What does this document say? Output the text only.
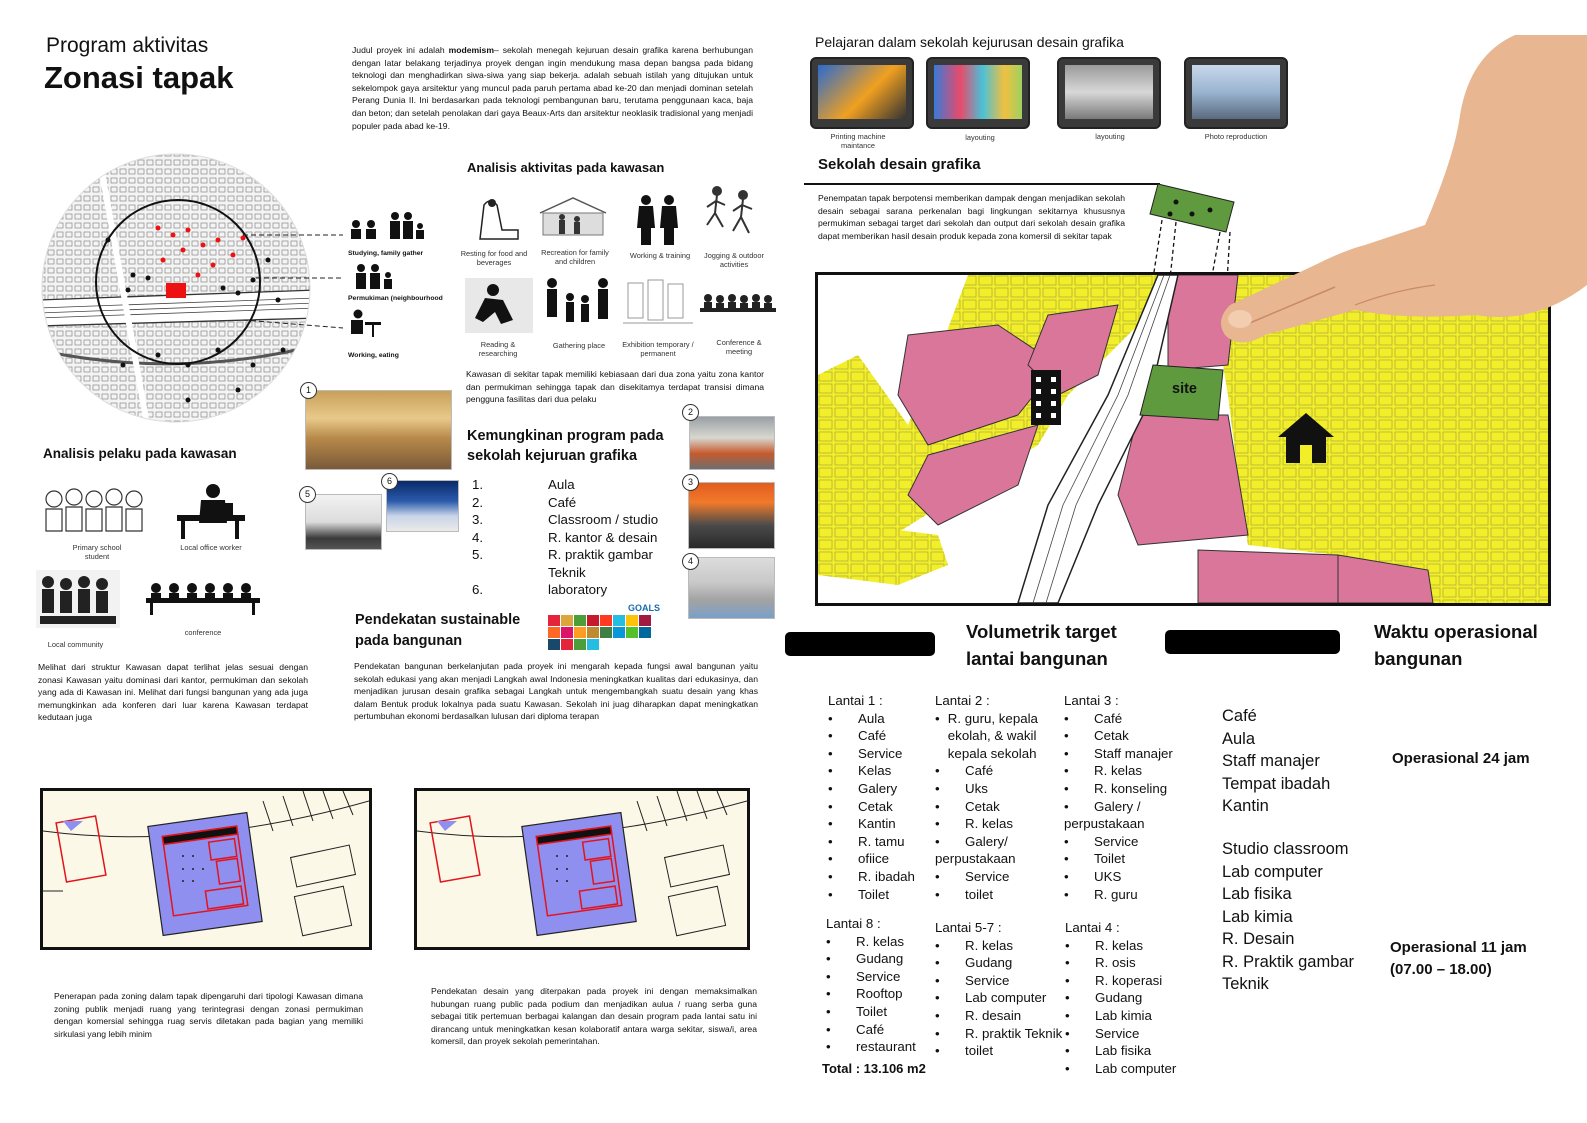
Program aktivitas
Zonasi tapak
Judul proyek ini adalah modemism– sekolah menegah kejuruan desain grafika karena berhubungan dengan latar belakang terjadinya proyek dengan ingin mendukung masa depan bangsa pada bidang teknologi dan menghadirkan siwa-siwa yang siap bekerja. adalah sebuah istilah yang ditujukan untuk sekelompok gaya arsitektur yang muncul pada paruh pertama abad ke-20 dan menjadi dominan setelah Perang Dunia II. Ini berdasarkan pada teknologi pembangunan baru, terutama penggunaan kaca, baja dan beton; dan setelah penolakan dari gaya Beaux-Arts dan arsitektur neoklasik tradisional yang menjadi populer pada abad ke-19.
Studying, family gather
Permukiman (neighbourhood
Working, eating
Analisis aktivitas pada kawasan
Resting for food and beverages
Recreation for family and children
Working & training	Jogging & outdoor activities
Reading & researching
Gathering place	Exhibition temporary / permanent
Conference & meeting
Kawasan di sekitar tapak memiliki kebiasaan dari dua zona yaitu zona kantor dan permukiman sehingga tapak dan disekitamya terdapat transisi dimana pengguna fasilitas dari dua pelaku
1
2
3
4
5
6
Kemungkinan program pada sekolah kejuruan grafika
1.	Aula
2.	Café
3.	Classroom / studio
4.	R. kantor & desain
5.	R. praktik gambar Teknik
6.	laboratory
Analisis pelaku pada kawasan
Primary school student
Local office worker
Local community
conference
Melihat dari struktur Kawasan dapat terlihat jelas sesuai dengan zonasi Kawasan yaitu dominasi dari kantor, permukiman dan sekolah yang ada di Kawasan ini. Melihat dari fungsi bangunan yang ada juga memungkinkan ada konferen dari luar karena Kawasan terdapat kedutaan juga
Pendekatan sustainable pada bangunan
GOALS
Pendekatan bangunan berkelanjutan pada proyek ini mengarah kepada fungsi awal bangunan yaitu sekolah edukasi yang akan menjadi Langkah awal Indonesia meningkatkan kualitas dari edukasinya, dan menjadikan jurusan desain grafika sebagai Langkah untuk mengembangkah suatu desain yang khas dalam Bentuk produk lokalnya pada suatu Kawasan. Sekolah ini juag diharapkan dapat meningkatkan pertumbuhan ekonomi berdasalkan lulusan dari diploma terapan
Penerapan pada zoning dalam tapak dipengaruhi dari tipologi Kawasan dimana zoning publik menjadi ruang yang terintegrasi dengan zonasi permukiman dengan komersial sehingga ruag servis diletakan pada bagian yang memiliki sirkulasi yang lebih minim
Pendekatan desain yang diterpakan pada proyek ini dengan memaksimalkan hubungan ruang public pada podium dan menjadikan aulua / ruang serba guna sebagai titik pertemuan berbagai kalangan dan desain program pada lantai satu ini dirancang untuk meningkatkan kesan kolaboratif antara warga sekitar, siswa/i, area komersil, dan proyek sekolah pemerintahan.
Pelajaran dalam sekolah kejurusan desain grafika
Printing machine maintance
layouting	layouting	Photo reproduction
Sekolah desain grafika
Penempatan tapak berpotensi memberikan dampak dengan menjadikan sekolah desain sebagai sarana perkenalan bagi lingkungan sekitarnya khususnya permukiman sebagai target dari sekolah dan output dari sekolah desain grafika dapat memberikan hasil desain produk kepada zona komersil di sekitar tapak
site
Volumetrik target lantai bangunan
Lantai 1 :
• Aula
• Café
• Service
• Kelas
• Galery
• Cetak
• Kantin
• R. tamu
• ofiice
• R. ibadah
• Toilet
Lantai 2 :
• R. guru, kepala ekolah, & wakil kepala sekolah
• Café
• Uks
• Cetak
• R. kelas
• Galery/ perpustakaan
• Service
• toilet
Lantai 3 :
• Café
• Cetak
• Staff manajer
• R. kelas
• R. konseling
• Galery / perpustakaan
• Service
• Toilet
• UKS
• R. guru
Lantai 8 :
• R. kelas
• Gudang
• Service
• Rooftop
• Toilet
• Café
• restaurant
Lantai 5-7 :
• R. kelas
• Gudang
• Service
• Lab computer
• R. desain
• R. praktik Teknik
• toilet
Lantai 4 :
• R. kelas
• R. osis
• R. koperasi
• Gudang
• Lab kimia
• Service
• Lab fisika
• Lab computer
Total : 13.106 m2
Waktu operasional bangunan
Café
Aula
Staff manajer
Tempat ibadah
Kantin
Operasional 24 jam
Studio classroom
Lab computer
Lab fisika
Lab kimia
R. Desain
R. Praktik gambar Teknik
Operasional 11 jam
(07.00 – 18.00)
